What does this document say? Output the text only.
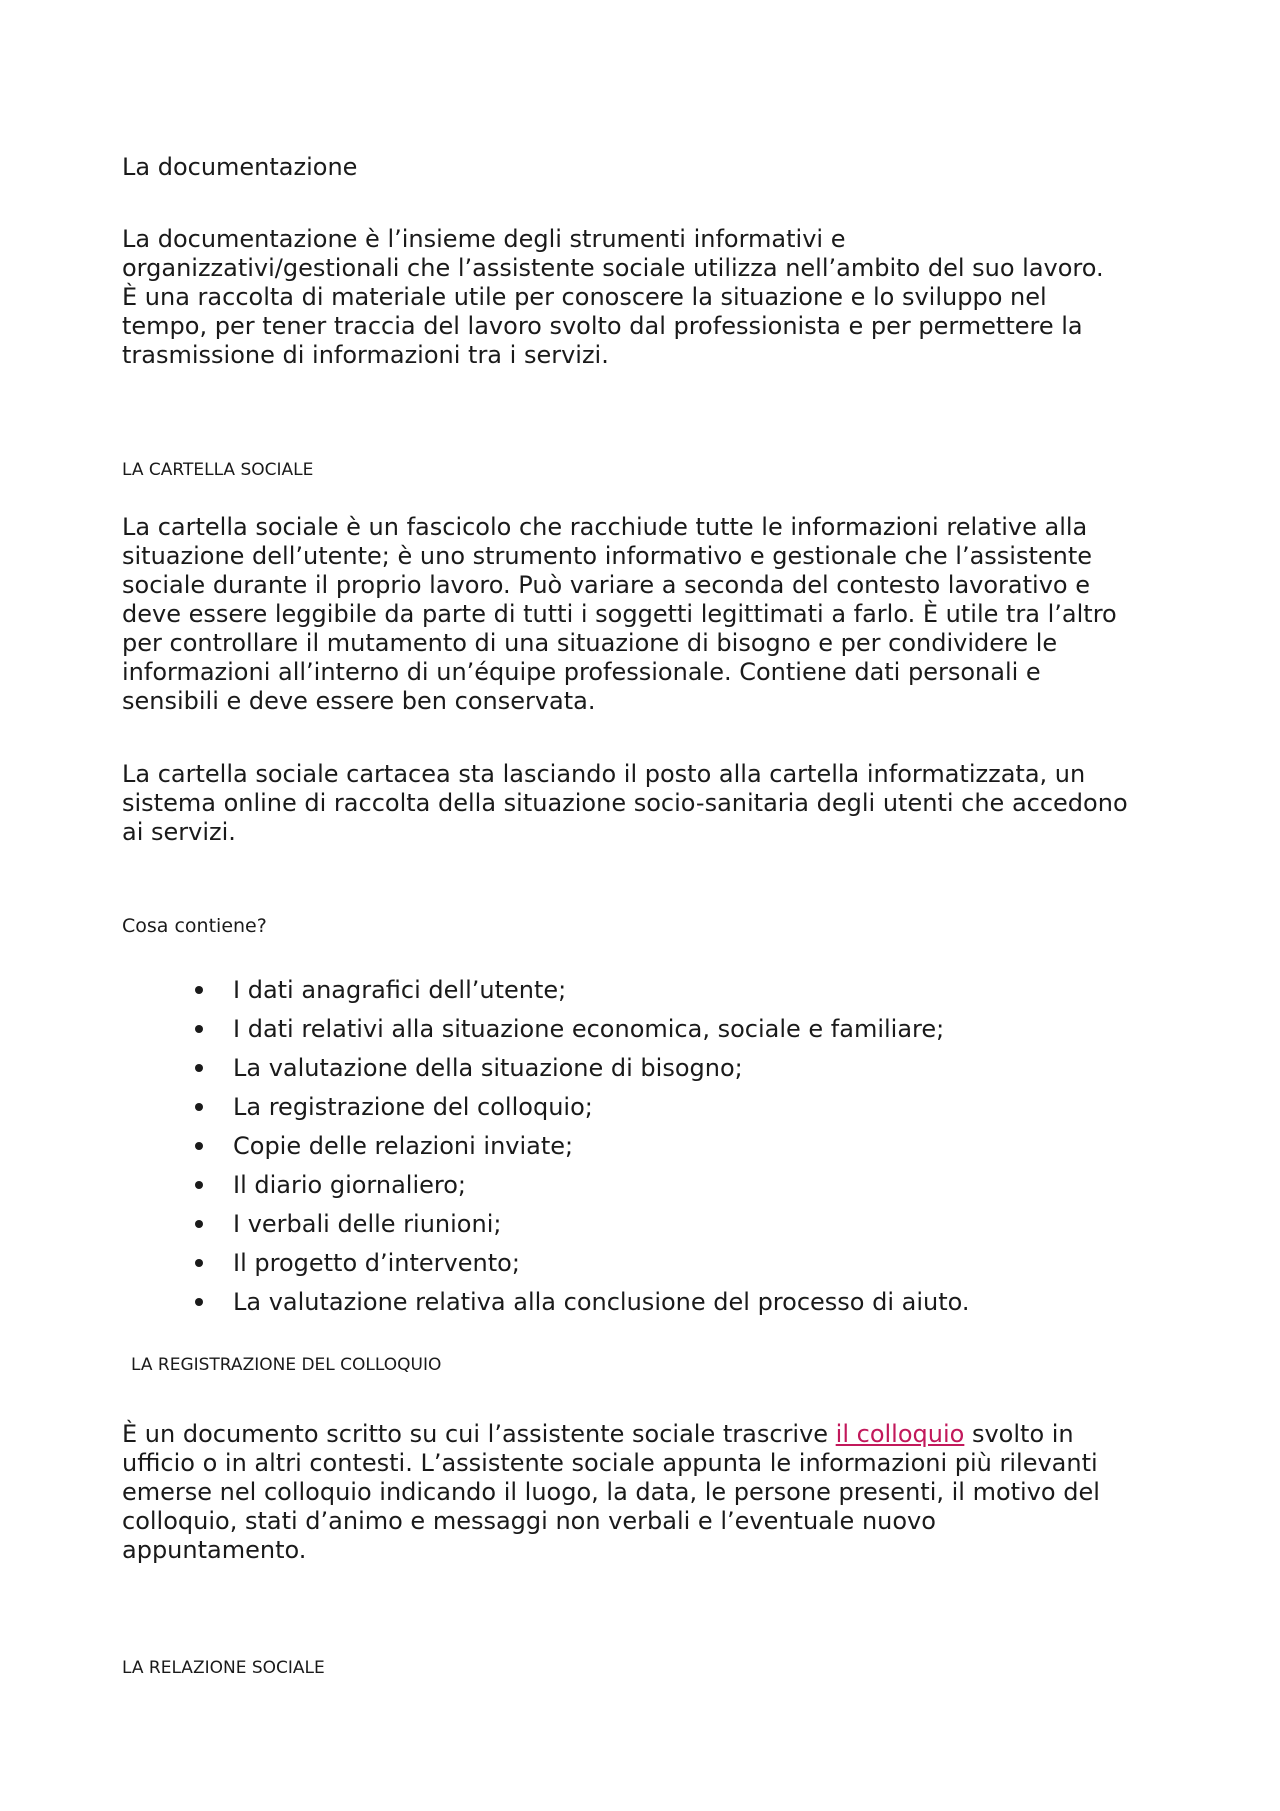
La documentazione

La documentazione è l’insieme degli strumenti informativi e
organizzativi/gestionali che l’assistente sociale utilizza nell’ambito del suo lavoro.
È una raccolta di materiale utile per conoscere la situazione e lo sviluppo nel
tempo, per tener traccia del lavoro svolto dal professionista e per permettere la
trasmissione di informazioni tra i servizi.

LA CARTELLA SOCIALE

La cartella sociale è un fascicolo che racchiude tutte le informazioni relative alla
situazione dell’utente; è uno strumento informativo e gestionale che l’assistente
sociale durante il proprio lavoro. Può variare a seconda del contesto lavorativo e
deve essere leggibile da parte di tutti i soggetti legittimati a farlo. È utile tra l’altro
per controllare il mutamento di una situazione di bisogno e per condividere le
informazioni all’interno di un’équipe professionale. Contiene dati personali e
sensibili e deve essere ben conservata.

La cartella sociale cartacea sta lasciando il posto alla cartella informatizzata, un
sistema online di raccolta della situazione socio-sanitaria degli utenti che accedono
ai servizi.

Cosa contiene?

I dati anagrafici dell’utente;
I dati relativi alla situazione economica, sociale e familiare;
La valutazione della situazione di bisogno;
La registrazione del colloquio;
Copie delle relazioni inviate;
Il diario giornaliero;
I verbali delle riunioni;
Il progetto d’intervento;
La valutazione relativa alla conclusione del processo di aiuto.

LA REGISTRAZIONE DEL COLLOQUIO

È un documento scritto su cui l’assistente sociale trascrive il colloquio svolto in
ufficio o in altri contesti. L’assistente sociale appunta le informazioni più rilevanti
emerse nel colloquio indicando il luogo, la data, le persone presenti, il motivo del
colloquio, stati d’animo e messaggi non verbali e l’eventuale nuovo
appuntamento.

LA RELAZIONE SOCIALE
